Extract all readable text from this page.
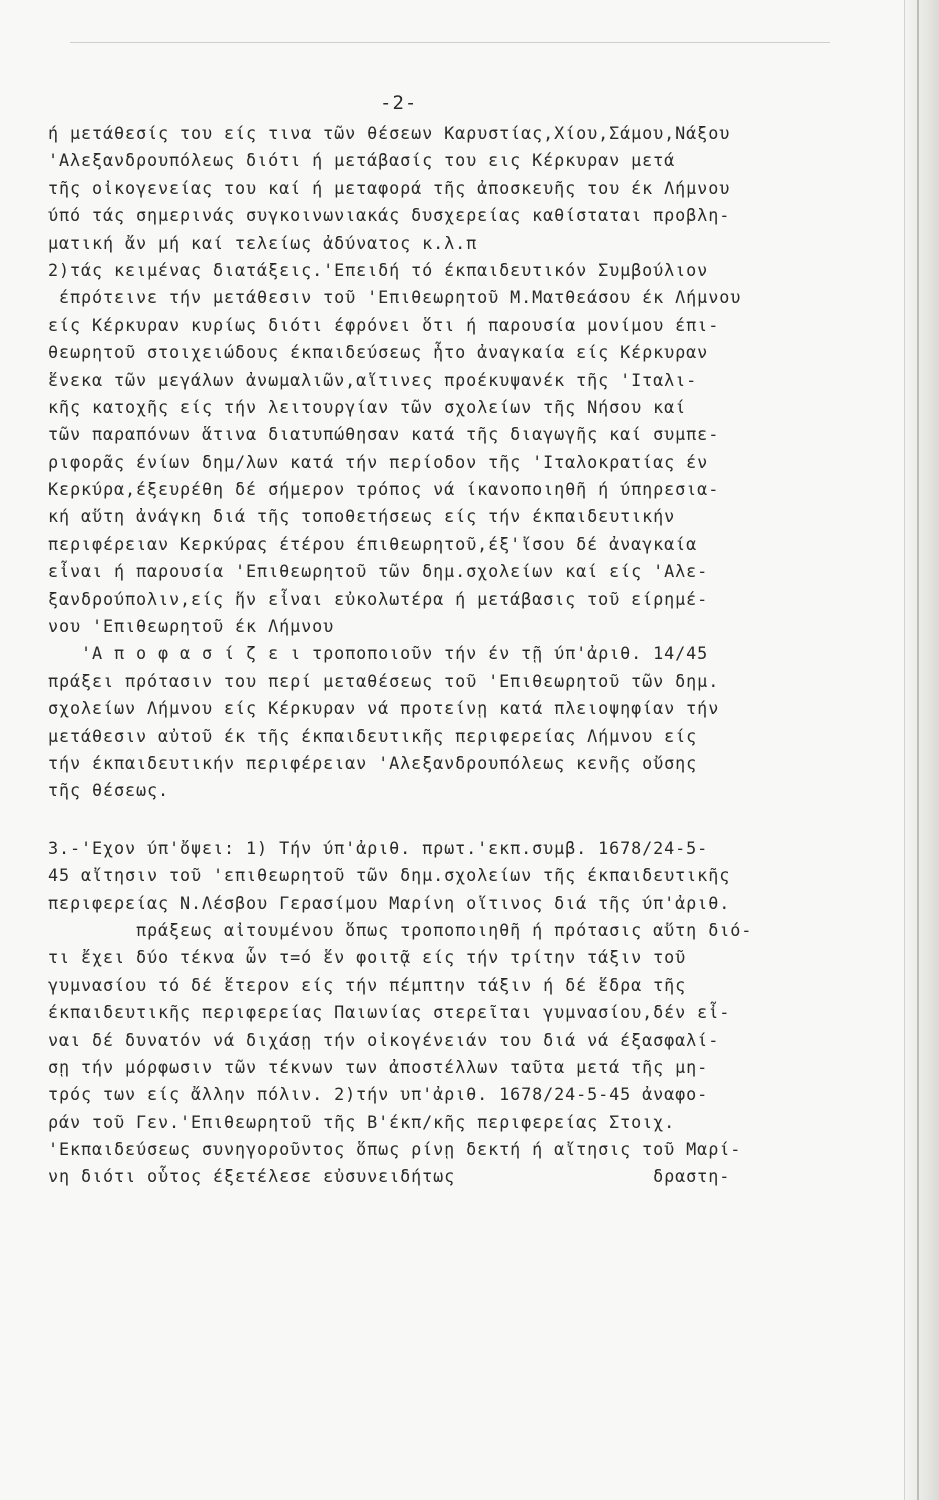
-2-
ή μετάθεσίς του είς τινα τῶν θέσεων Καρυστίας,Χίου,Σάμου,Νάξου
'Αλεξανδρουπόλεως διότι ή μετάβασίς του εις Κέρκυραν μετά
τῆς οἰκογενείας του καί ή μεταφορά τῆς ἀποσκευῆς του έκ Λήμνου
ύπό τάς σημερινάς συγκοινωνιακάς δυσχερείας καθίσταται προβλη-
ματική ἄν μή καί τελείως ἀδύνατος κ.λ.π
2)τάς κειμένας διατάξεις.'Επειδή τό έκπαιδευτικόν Συμβούλιον
έπρότεινε τήν μετάθεσιν τοῦ 'Επιθεωρητοῦ Μ.Ματθεάσου έκ Λήμνου
είς Κέρκυραν κυρίως διότι έφρόνει ὅτι ή παρουσία μονίμου έπι-
θεωρητοῦ στοιχειώδους έκπαιδεύσεως ἦτο ἀναγκαία είς Κέρκυραν
ἕνεκα τῶν μεγάλων ἀνωμαλιῶν,αἵτινες προέκυψανέκ τῆς 'Ιταλι-
κῆς κατοχῆς είς τήν λειτουργίαν τῶν σχολείων τῆς Νήσου καί
τῶν παραπόνων ἅτινα διατυπώθησαν κατά τῆς διαγωγῆς καί συμπε-
ριφορᾶς ένίων δημ/λων κατά τήν περίοδον τῆς 'Ιταλοκρατίας έν
Κερκύρα,έξευρέθη δέ σήμερον τρόπος νά ίκανοποιηθῆ ή ύπηρεσια-
κή αὕτη ἀνάγκη διά τῆς τοποθετήσεως είς τήν έκπαιδευτικήν
περιφέρειαν Κερκύρας έτέρου έπιθεωρητοῦ,έξ'ἴσου δέ ἀναγκαία
εἶναι ή παρουσία 'Επιθεωρητοῦ τῶν δημ.σχολείων καί είς 'Αλε-
ξανδρούπολιν,είς ἥν εἶναι εὐκολωτέρα ή μετάβασις τοῦ είρημέ-
νου 'Επιθεωρητοῦ έκ Λήμνου
'Α π ο φ α σ ί ζ ε ι τροποποιοῦν τήν έν τῇ ύπ'ἀριθ. 14/45
πράξει πρότασιν του περί μεταθέσεως τοῦ 'Επιθεωρητοῦ τῶν δημ.
σχολείων Λήμνου είς Κέρκυραν νά προτείνῃ κατά πλειοψηφίαν τήν
μετάθεσιν αὐτοῦ έκ τῆς έκπαιδευτικῆς περιφερείας Λήμνου είς
τήν έκπαιδευτικήν περιφέρειαν 'Αλεξανδρουπόλεως κενῆς οὔσης
τῆς θέσεως.
3.-'Εχον ύπ'ὄψει: 1) Τήν ύπ'ἀριθ. πρωτ.'εκπ.συμβ. 1678/24-5-
45 αἴτησιν τοῦ 'επιθεωρητοῦ τῶν δημ.σχολείων τῆς έκπαιδευτικῆς
περιφερείας Ν.Λέσβου Γερασίμου Μαρίνη οἵτινος διά τῆς ύπ'ἀριθ.
πράξεως αἰτουμένου ὅπως τροποποιηθῆ ή πρότασις αὕτη διό-
τι ἔχει δύο τέκνα ὧν τ=ό ἕν φοιτᾷ είς τήν τρίτην τάξιν τοῦ
γυμνασίου τό δέ ἕτερον είς τήν πέμπτην τάξιν ή δέ ἕδρα τῆς
έκπαιδευτικῆς περιφερείας Παιωνίας στερεῖται γυμνασίου,δέν εἶ-
ναι δέ δυνατόν νά διχάσῃ τήν οἰκογένειάν του διά νά έξασφαλί-
σῃ τήν μόρφωσιν τῶν τέκνων των ἀποστέλλων ταῦτα μετά τῆς μη-
τρός των είς ἄλλην πόλιν. 2)τήν υπ'ἀριθ. 1678/24-5-45 ἀναφο-
ράν τοῦ Γεν.'Επιθεωρητοῦ τῆς Β'έκπ/κῆς περιφερείας Στοιχ.
'Εκπαιδεύσεως συνηγοροῦντος ὅπως ρίνῃ δεκτή ή αἴτησις τοῦ Μαρί-
νη διότι οὗτος έξετέλεσε εὐσυνειδήτως                  δραστη-
